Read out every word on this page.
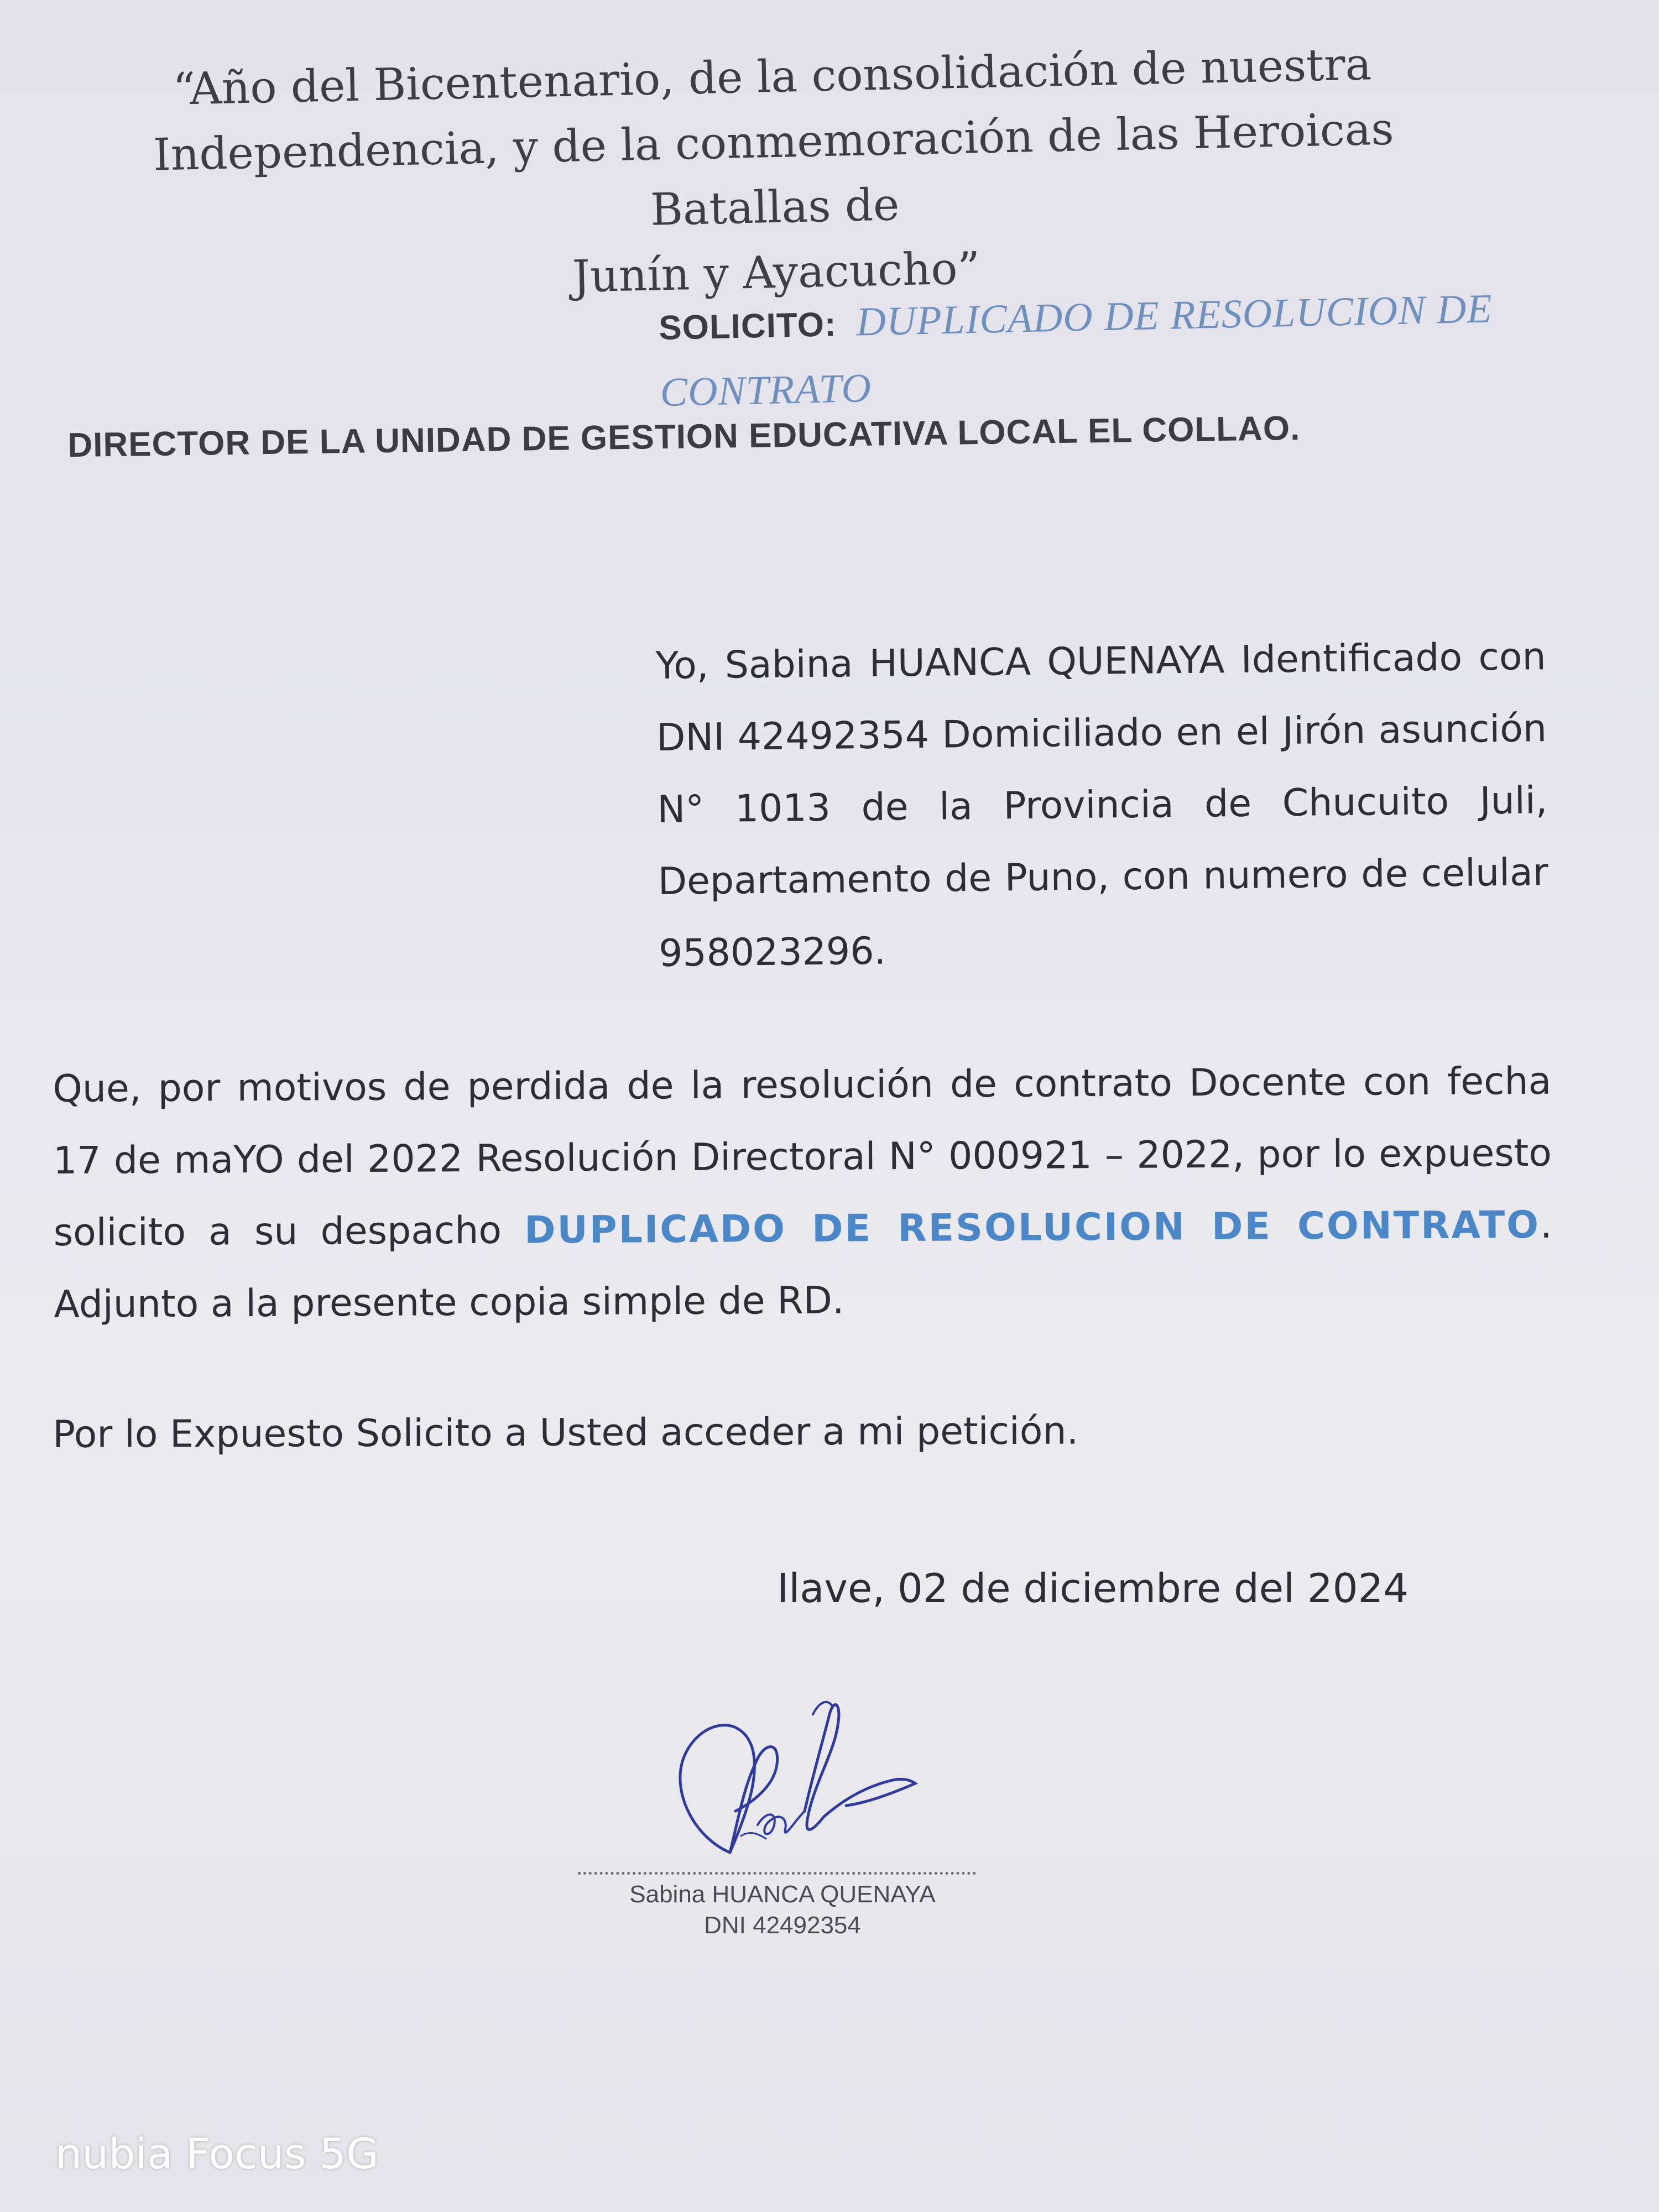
“Año del Bicentenario, de la consolidación de nuestra
Independencia, y de la conmemoración de las Heroicas Batallas de
Junín y Ayacucho”
SOLICITO: DUPLICADO DE RESOLUCION DE CONTRATO
DIRECTOR DE LA UNIDAD DE GESTION EDUCATIVA LOCAL EL COLLAO.
Yo, Sabina HUANCA QUENAYA Identificado con DNI 42492354 Domiciliado en el Jirón asunción N° 1013 de la Provincia de Chucuito Juli, Departamento de Puno, con numero de celular 958023296.
Que, por motivos de perdida de la resolución de contrato Docente con fecha 17 de maYO del 2022 Resolución Directoral N° 000921 – 2022, por lo expuesto solicito a su despacho DUPLICADO DE RESOLUCION DE CONTRATO. Adjunto a la presente copia simple de RD.
Por lo Expuesto Solicito a Usted acceder a mi petición.
Ilave, 02 de diciembre del 2024
Sabina HUANCA QUENAYA
DNI 42492354
nubia Focus 5G
